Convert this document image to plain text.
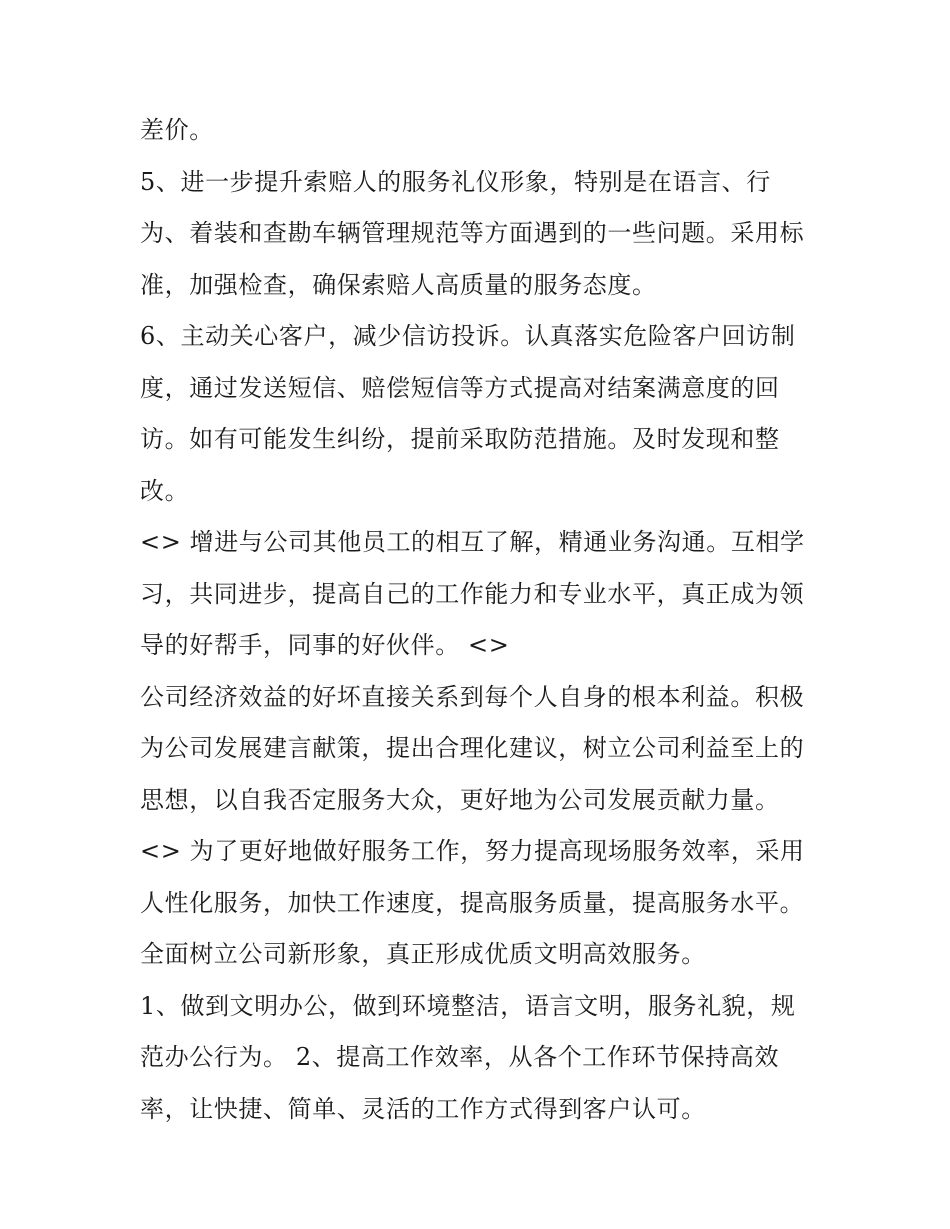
差价。
5、进一步提升索赔人的服务礼仪形象，特别是在语言、行
为、着装和查勘车辆管理规范等方面遇到的一些问题。采用标
准，加强检查，确保索赔人高质量的服务态度。
6、主动关心客户，减少信访投诉。认真落实危险客户回访制
度，通过发送短信、赔偿短信等方式提高对结案满意度的回
访。如有可能发生纠纷，提前采取防范措施。及时发现和整
改。
<> 增进与公司其他员工的相互了解，精通业务沟通。互相学
习，共同进步，提高自己的工作能力和专业水平，真正成为领
导的好帮手，同事的好伙伴。 <>
公司经济效益的好坏直接关系到每个人自身的根本利益。积极
为公司发展建言献策，提出合理化建议，树立公司利益至上的
思想，以自我否定服务大众，更好地为公司发展贡献力量。
<> 为了更好地做好服务工作，努力提高现场服务效率，采用
人性化服务，加快工作速度，提高服务质量，提高服务水平。
全面树立公司新形象，真正形成优质文明高效服务。
1、做到文明办公，做到环境整洁，语言文明，服务礼貌，规
范办公行为。 2、提高工作效率，从各个工作环节保持高效
率，让快捷、简单、灵活的工作方式得到客户认可。
